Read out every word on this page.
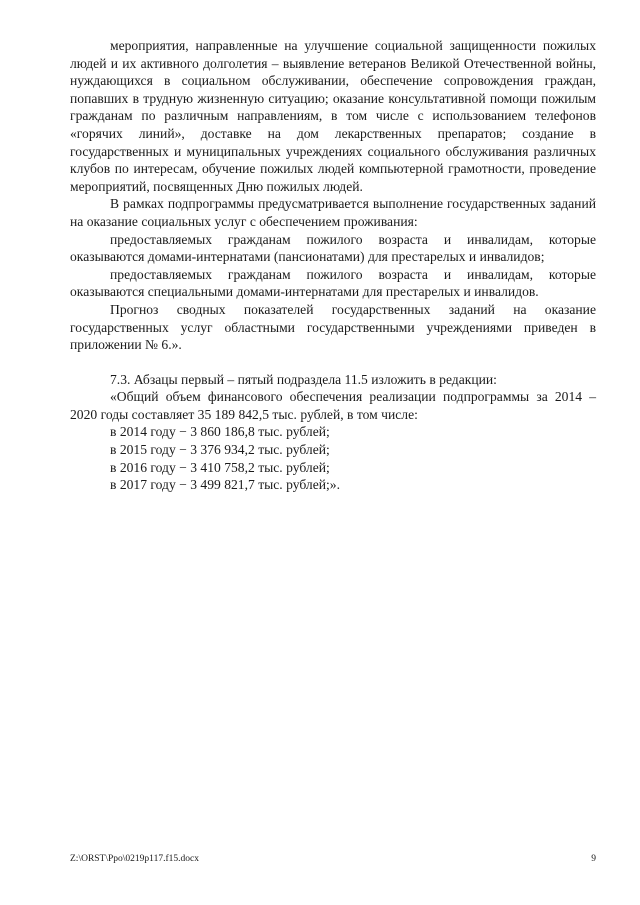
мероприятия, направленные на улучшение социальной защищенности пожилых людей и их активного долголетия – выявление ветеранов Великой Отечественной войны, нуждающихся в социальном обслуживании, обеспечение сопровождения граждан, попавших в трудную жизненную ситуацию; оказание консультативной помощи пожилым гражданам по различным направлениям, в том числе с использованием телефонов «горячих линий», доставке на дом лекарственных препаратов; создание в государственных и муниципальных учреждениях социального обслуживания различных клубов по интересам, обучение пожилых людей компьютерной грамотности, проведение мероприятий, посвященных Дню пожилых людей.

В рамках подпрограммы предусматривается выполнение государственных заданий на оказание социальных услуг с обеспечением проживания:

предоставляемых гражданам пожилого возраста и инвалидам, которые оказываются домами-интернатами (пансионатами) для престарелых и инвалидов;

предоставляемых гражданам пожилого возраста и инвалидам, которые оказываются специальными домами-интернатами для престарелых и инвалидов.

Прогноз сводных показателей государственных заданий на оказание государственных услуг областными государственными учреждениями приведен в приложении № 6.».

7.3. Абзацы первый – пятый подраздела 11.5 изложить в редакции:

«Общий объем финансового обеспечения реализации подпрограммы за 2014 – 2020 годы составляет 35 189 842,5 тыс. рублей, в том числе:

в 2014 году − 3 860 186,8 тыс. рублей;

в 2015 году − 3 376 934,2 тыс. рублей;

в 2016 году − 3 410 758,2 тыс. рублей;

в 2017 году − 3 499 821,7 тыс. рублей;».

Z:\ORST\Ppo\0219p117.f15.docx	9
